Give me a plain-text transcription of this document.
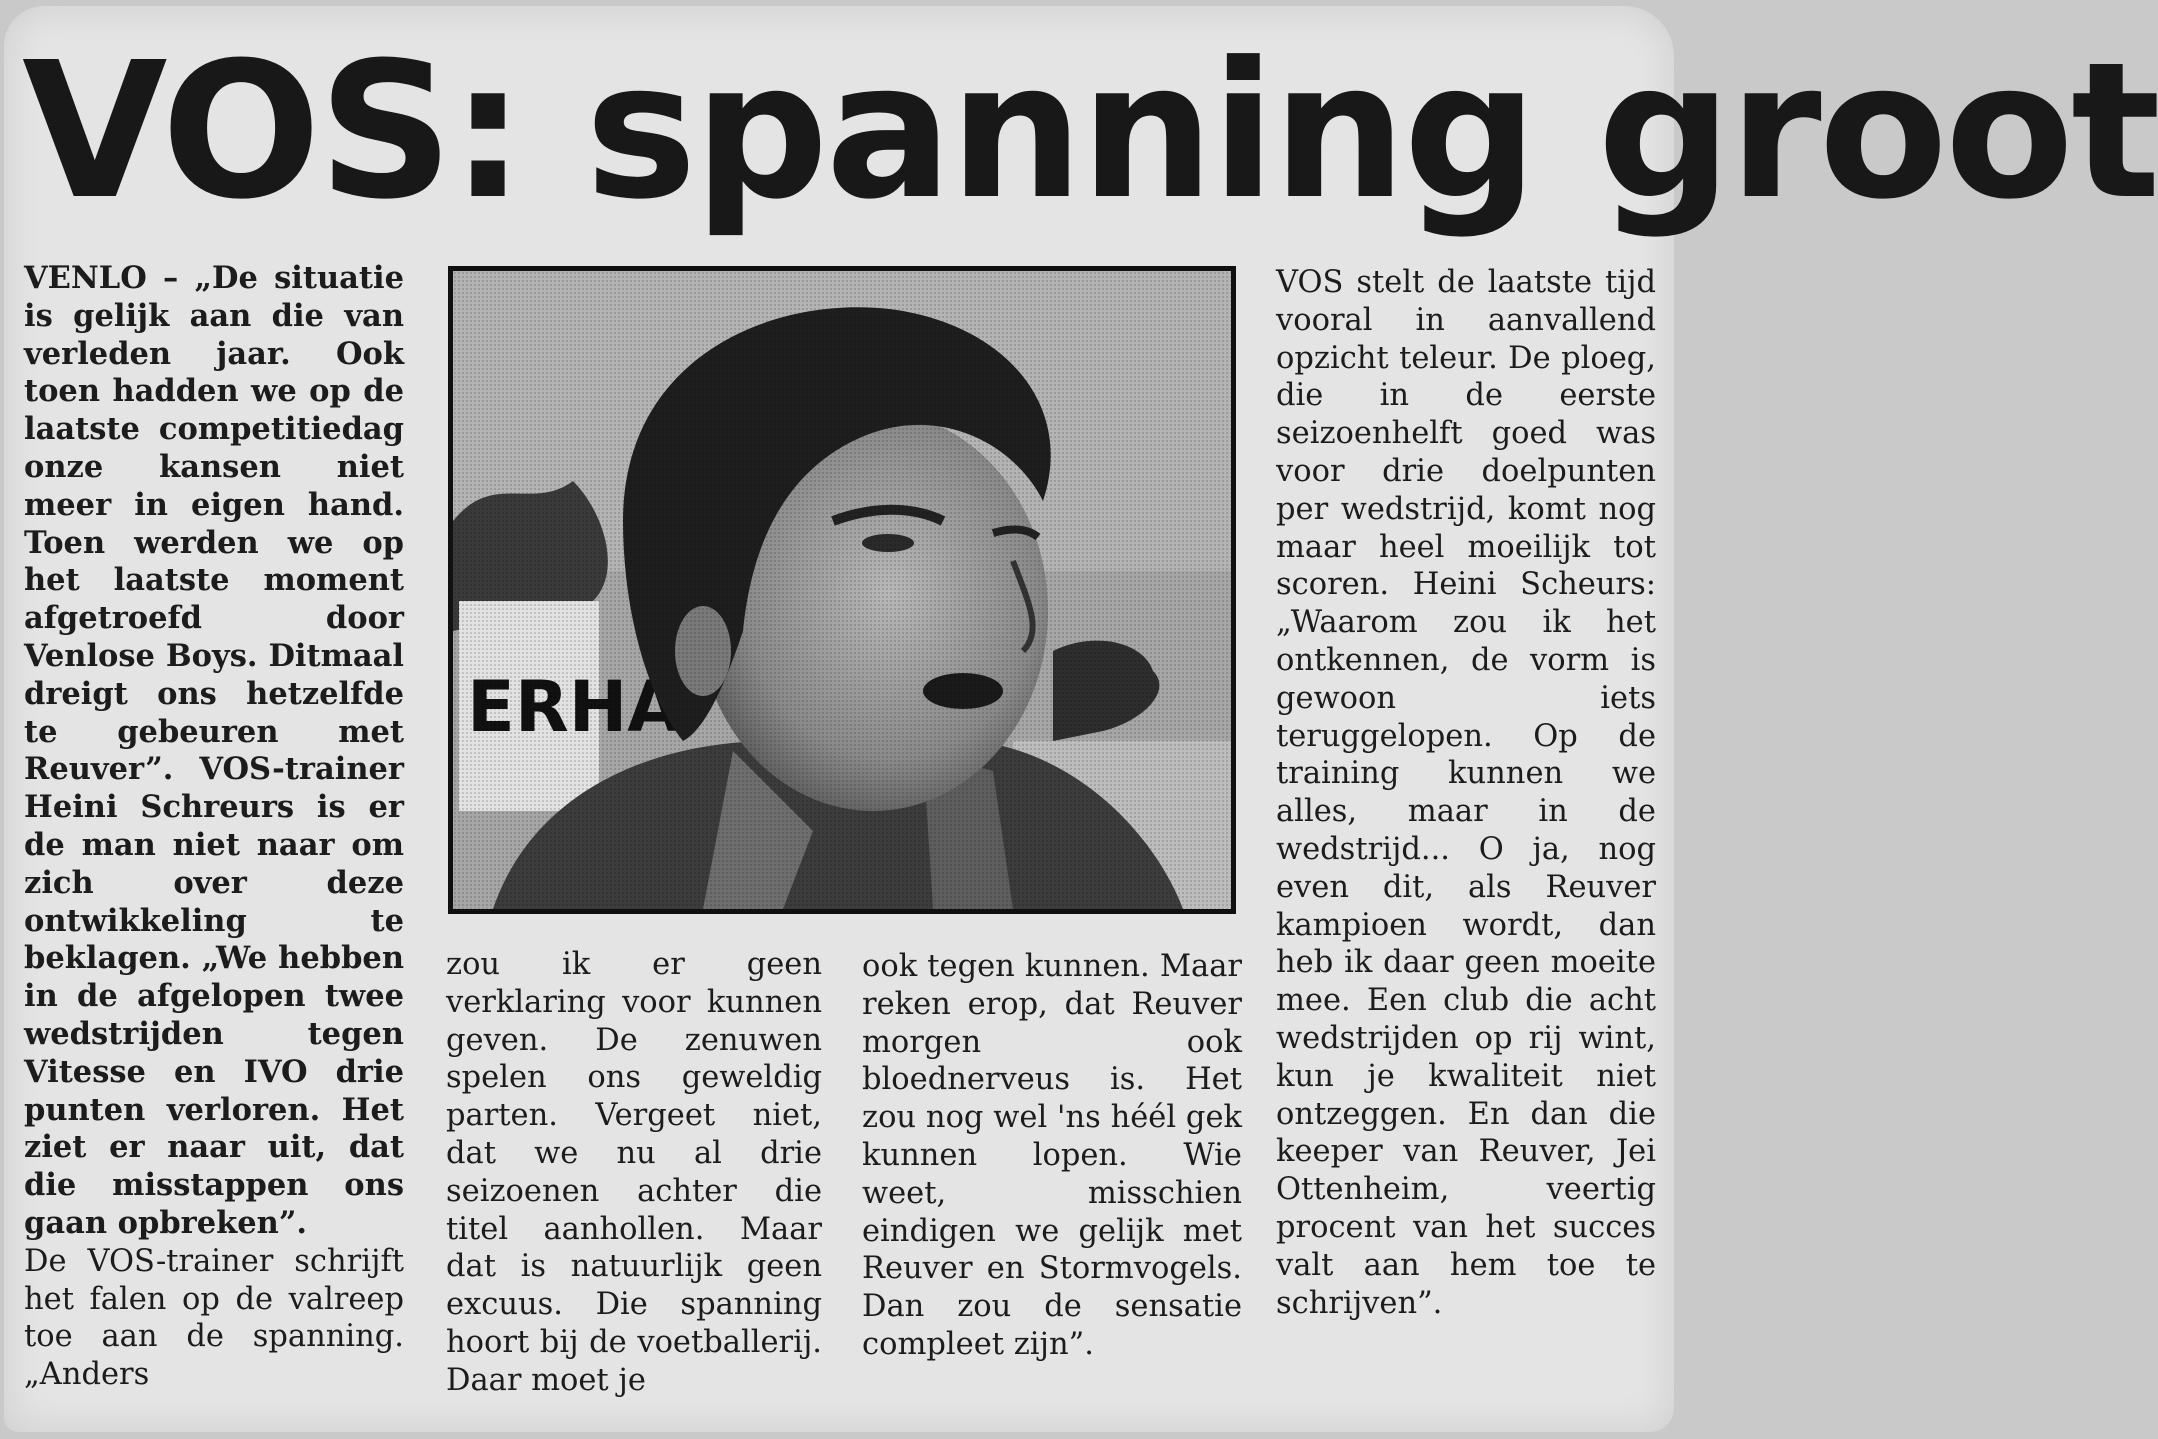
VOS: spanning groot

VENLO – „De situatie is gelijk aan die van verleden jaar. Ook toen hadden we op de laatste competitiedag onze kansen niet meer in eigen hand. Toen werden we op het laatste moment afgetroefd door Venlose Boys. Ditmaal dreigt ons hetzelfde te gebeuren met Reuver”. VOS-trainer Heini Schreurs is er de man niet naar om zich over deze ontwikkeling te beklagen. „We hebben in de afgelopen twee wedstrijden tegen Vitesse en IVO drie punten verloren. Het ziet er naar uit, dat die misstappen ons gaan opbreken”.

De VOS-trainer schrijft het falen op de valreep toe aan de spanning. „Anders

zou ik er geen verklaring voor kunnen geven. De zenuwen spelen ons geweldig parten. Vergeet niet, dat we nu al drie seizoenen achter die titel aanhollen. Maar dat is natuurlijk geen excuus. Die spanning hoort bij de voetballerij. Daar moet je

ook tegen kunnen. Maar reken erop, dat Reuver morgen ook bloednerveus is. Het zou nog wel 'ns héél gek kunnen lopen. Wie weet, misschien eindigen we gelijk met Reuver en Stormvogels. Dan zou de sensatie compleet zijn”.

VOS stelt de laatste tijd vooral in aanvallend opzicht teleur. De ploeg, die in de eerste seizoenhelft goed was voor drie doelpunten per wedstrijd, komt nog maar heel moeilijk tot scoren. Heini Scheurs: „Waarom zou ik het ontkennen, de vorm is gewoon iets teruggelopen. Op de training kunnen we alles, maar in de wedstrijd... O ja, nog even dit, als Reuver kampioen wordt, dan heb ik daar geen moeite mee. Een club die acht wedstrijden op rij wint, kun je kwaliteit niet ontzeggen. En dan die keeper van Reuver, Jei Ottenheim, veertig procent van het succes valt aan hem toe te schrijven”.
